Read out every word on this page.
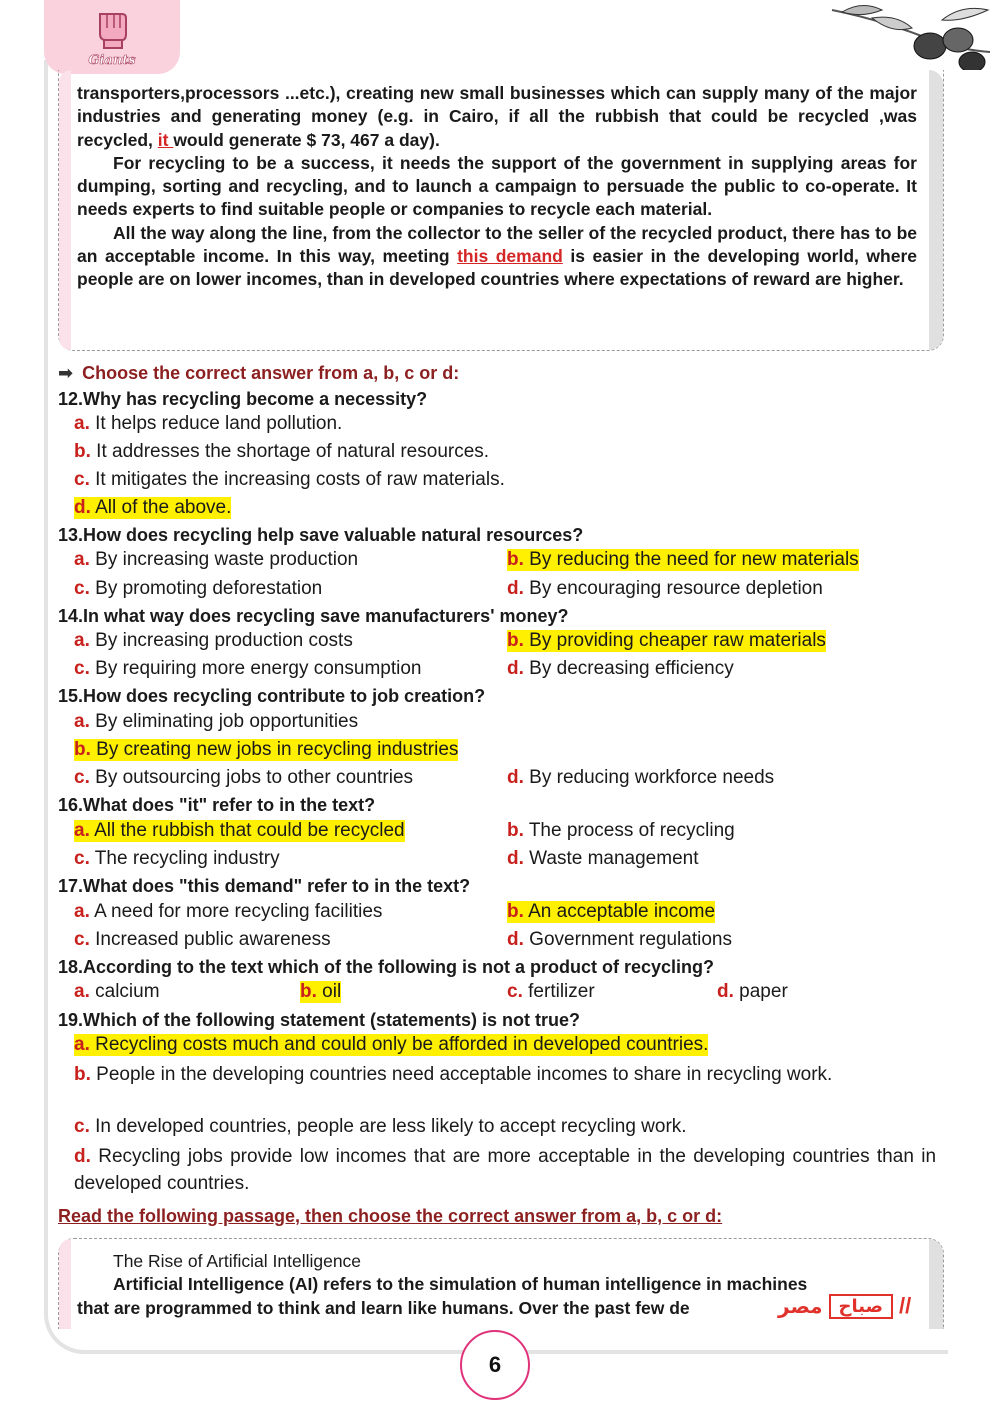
Giants

transporters,processors ...etc.), creating new small businesses which can supply many of the major industries and generating money (e.g. in Cairo, if all the rubbish that could be recycled ,was recycled, it would generate $ 73, 467 a day).

For recycling to be a success, it needs the support of the government in supplying areas for dumping, sorting and recycling, and to launch a campaign to persuade the public to co-operate. It needs experts to find suitable people or companies to recycle each material.

All the way along the line, from the collector to the seller of the recycled product, there has to be an acceptable income. In this way, meeting this demand is easier in the developing world, where people are on lower incomes, than in developed countries where expectations of reward are higher.

➡ Choose the correct answer from a, b, c or d:
12.Why has recycling become a necessity?
a. It helps reduce land pollution.
b. It addresses the shortage of natural resources.
c. It mitigates the increasing costs of raw materials.
d. All of the above.
13.How does recycling help save valuable natural resources?
a. By increasing waste production	b. By reducing the need for new materials
c. By promoting deforestation	d. By encouraging resource depletion
14.In what way does recycling save manufacturers' money?
a. By increasing production costs	b. By providing cheaper raw materials
c. By requiring more energy consumption	d. By decreasing efficiency
15.How does recycling contribute to job creation?
a. By eliminating job opportunities
b. By creating new jobs in recycling industries
c. By outsourcing jobs to other countries	d. By reducing workforce needs
16.What does "it" refer to in the text?
a. All the rubbish that could be recycled	b. The process of recycling
c. The recycling industry	d. Waste management
17.What does "this demand" refer to in the text?
a. A need for more recycling facilities	b. An acceptable income
c. Increased public awareness	d. Government regulations
18.According to the text which of the following is not a product of recycling?
a. calcium	b. oil	c. fertilizer	d. paper
19.Which of the following statement (statements) is not true?
a. Recycling costs much and could only be afforded in developed countries.
b. People in the developing countries need acceptable incomes to share in recycling work.
c. In developed countries, people are less likely to accept recycling work.
d. Recycling jobs provide low incomes that are more acceptable in the developing countries than in developed countries.
Read the following passage, then choose the correct answer from a, b, c or d:

The Rise of Artificial Intelligence

Artificial Intelligence (AI) refers to the simulation of human intelligence in machines

that are programmed to think and learn like humans. Over the past few de	مصر صباح //
6
